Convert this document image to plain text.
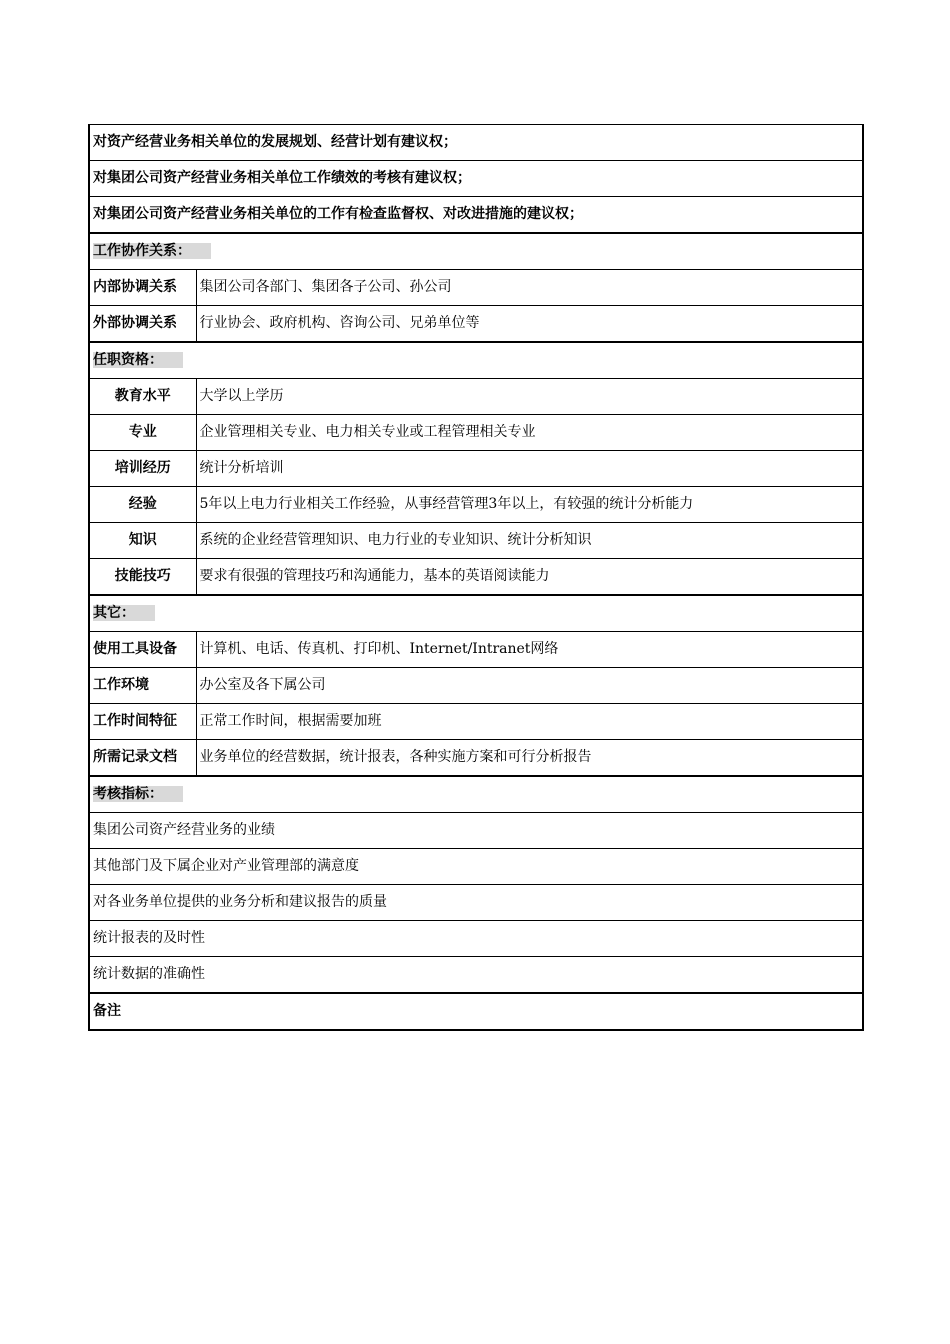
对资产经营业务相关单位的发展规划、经营计划有建议权；	
对集团公司资产经营业务相关单位工作绩效的考核有建议权；	
对集团公司资产经营业务相关单位的工作有检查监督权、对改进措施的建议权；	
工作协作关系：	
内部协调关系	集团公司各部门、集团各子公司、孙公司
外部协调关系	行业协会、政府机构、咨询公司、兄弟单位等
任职资格：	
教育水平	大学以上学历
专业	企业管理相关专业、电力相关专业或工程管理相关专业
培训经历	统计分析培训
经验	5年以上电力行业相关工作经验，从事经营管理3年以上，有较强的统计分析能力
知识	系统的企业经营管理知识、电力行业的专业知识、统计分析知识
技能技巧	要求有很强的管理技巧和沟通能力，基本的英语阅读能力
其它：	
使用工具设备	计算机、电话、传真机、打印机、Internet/Intranet网络
工作环境	办公室及各下属公司
工作时间特征	正常工作时间，根据需要加班
所需记录文档	业务单位的经营数据，统计报表，各种实施方案和可行分析报告
考核指标：	
集团公司资产经营业务的业绩	
其他部门及下属企业对产业管理部的满意度	
对各业务单位提供的业务分析和建议报告的质量	
统计报表的及时性	
统计数据的准确性	
备注	
